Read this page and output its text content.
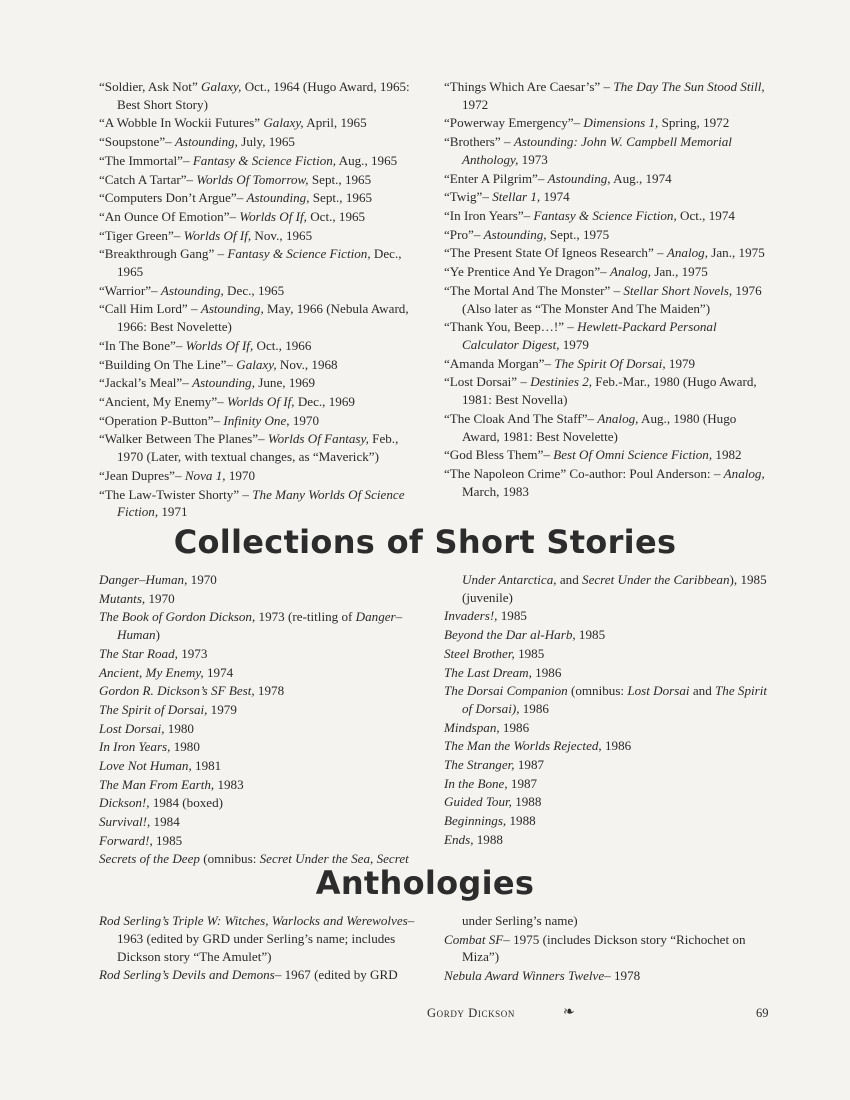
“Soldier, Ask Not” Galaxy, Oct., 1964 (Hugo Award, 1965: Best Short Story)
“A Wobble In Wockii Futures” Galaxy, April, 1965
“Soupstone”– Astounding, July, 1965
“The Immortal”– Fantasy & Science Fiction, Aug., 1965
“Catch A Tartar”– Worlds Of Tomorrow, Sept., 1965
“Computers Don’t Argue”– Astounding, Sept., 1965
“An Ounce Of Emotion”– Worlds Of If, Oct., 1965
“Tiger Green”– Worlds Of If, Nov., 1965
“Breakthrough Gang” – Fantasy & Science Fiction, Dec., 1965
“Warrior”– Astounding, Dec., 1965
“Call Him Lord” – Astounding, May, 1966 (Nebula Award, 1966: Best Novelette)
“In The Bone”– Worlds Of If, Oct., 1966
“Building On The Line”– Galaxy, Nov., 1968
“Jackal’s Meal”– Astounding, June, 1969
“Ancient, My Enemy”– Worlds Of If, Dec., 1969
“Operation P-Button”– Infinity One, 1970
“Walker Between The Planes”– Worlds Of Fantasy, Feb., 1970 (Later, with textual changes, as “Maverick”)
“Jean Dupres”– Nova 1, 1970
“The Law-Twister Shorty” – The Many Worlds Of Science Fiction, 1971
“Things Which Are Caesar’s” – The Day The Sun Stood Still, 1972
“Powerway Emergency”– Dimensions 1, Spring, 1972
“Brothers” – Astounding: John W. Campbell Memorial Anthology, 1973
“Enter A Pilgrim”– Astounding, Aug., 1974
“Twig”– Stellar 1, 1974
“In Iron Years”– Fantasy & Science Fiction, Oct., 1974
“Pro”– Astounding, Sept., 1975
“The Present State Of Igneos Research” – Analog, Jan., 1975
“Ye Prentice And Ye Dragon”– Analog, Jan., 1975
“The Mortal And The Monster” – Stellar Short Novels, 1976 (Also later as “The Monster And The Maiden”)
“Thank You, Beep…!” – Hewlett-Packard Personal Calculator Digest, 1979
“Amanda Morgan”– The Spirit Of Dorsai, 1979
“Lost Dorsai” – Destinies 2, Feb.-Mar., 1980 (Hugo Award, 1981: Best Novella)
“The Cloak And The Staff”– Analog, Aug., 1980 (Hugo Award, 1981: Best Novelette)
“God Bless Them”– Best Of Omni Science Fiction, 1982
“The Napoleon Crime” Co-author: Poul Anderson: – Analog, March, 1983
Collections of Short Stories
Danger–Human, 1970
Mutants, 1970
The Book of Gordon Dickson, 1973 (re-titling of Danger–Human)
The Star Road, 1973
Ancient, My Enemy, 1974
Gordon R. Dickson’s SF Best, 1978
The Spirit of Dorsai, 1979
Lost Dorsai, 1980
In Iron Years, 1980
Love Not Human, 1981
The Man From Earth, 1983
Dickson!, 1984 (boxed)
Survival!, 1984
Forward!, 1985
Secrets of the Deep (omnibus: Secret Under the Sea, Secret
Under Antarctica, and Secret Under the Caribbean), 1985 (juvenile)
Invaders!, 1985
Beyond the Dar al-Harb, 1985
Steel Brother, 1985
The Last Dream, 1986
The Dorsai Companion (omnibus: Lost Dorsai and The Spirit of Dorsai), 1986
Mindspan, 1986
The Man the Worlds Rejected, 1986
The Stranger, 1987
In the Bone, 1987
Guided Tour, 1988
Beginnings, 1988
Ends, 1988
Anthologies
Rod Serling’s Triple W: Witches, Warlocks and Werewolves– 1963 (edited by GRD under Serling’s name; includes Dickson story “The Amulet”)
Rod Serling’s Devils and Demons– 1967 (edited by GRD
under Serling’s name)
Combat SF– 1975 (includes Dickson story “Richochet on Miza”)
Nebula Award Winners Twelve– 1978
Gordy Dickson	❧	69
